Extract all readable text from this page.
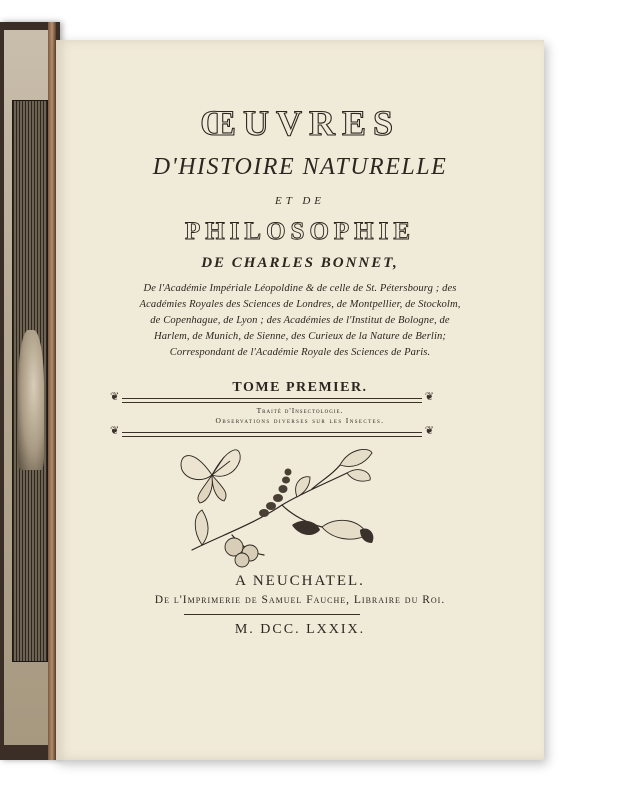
ŒUVRES
D'HISTOIRE NATURELLE
ET DE
PHILOSOPHIE
DE CHARLES BONNET,
De l'Académie Impériale Léopoldine & de celle de St. Pétersbourg ; des
Académies Royales des Sciences de Londres, de Montpellier, de Stockolm,
de Copenhague, de Lyon ; des Académies de l'Institut de Bologne, de
Harlem, de Munich, de Sienne, des Curieux de la Nature de Berlin;
Correspondant de l'Académie Royale des Sciences de Paris.
TOME PREMIER.
❦ ❦
Traité d'Insectologie.
Observations diverses sur les Insectes.
❦ ❦
A NEUCHATEL.
De l'Imprimerie de Samuel Fauche, Libraire du Roi.
M. DCC. LXXIX.
